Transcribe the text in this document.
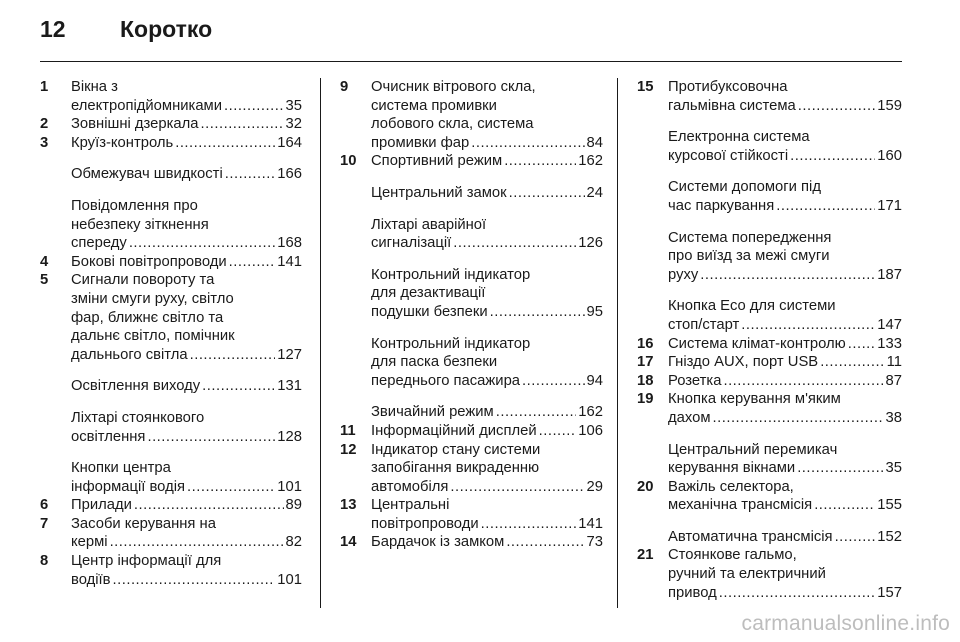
12	Коротко
1	Вікна з
електропідйомниками .....	35
2	Зовнішні дзеркала .....	32
3	Круїз-контроль .....	164
Обмежувач швидкості .....	166
Повідомлення про
небезпеку зіткнення
спереду .....	168
4	Бокові повітропроводи .....	141
5	Сигнали повороту та
зміни смуги руху, світло
фар, ближнє світло та
дальнє світло, помічник
дальнього світла .....	127
Освітлення виходу .....	131
Ліхтарі стоянкового
освітлення .....	128
Кнопки центра
інформації водія .....	101
6	Прилади .....	89
7	Засоби керування на
кермі .....	82
8	Центр інформації для
водіїв .....	101
9	Очисник вітрового скла,
система промивки
лобового скла, система
промивки фар .....	84
10 Спортивний режим .....	162
Центральний замок .....	24
Ліхтарі аварійної
сигналізації .....	126
Контрольний індикатор
для дезактивації
подушки безпеки .....	95
Контрольний індикатор
для паска безпеки
переднього пасажира .....	94
Звичайний режим .....	162
11	Інформаційний дисплей .....	106
12 Індикатор стану системи
запобігання викраденню
автомобіля .....	29
13 Центральні
повітропроводи .....	141
14 Бардачок із замком .....	73
15 Протибуксовочна
гальмівна система .....	159
Електронна система
курсової стійкості .....	160
Системи допомоги під
час паркування .....	171
Система попередження
про виїзд за межі смуги
руху .....	187
Кнопка Eco для системи
стоп/старт .....	147
16 Система клімат-контролю ..... 133
17 Гніздо AUX, порт USB .....	11
18 Розетка .....	87
19 Кнопка керування м'яким
дахом .....	38
Центральний перемикач
керування вікнами .....	35
20 Важіль селектора,
механічна трансмісія .....	155
Автоматична трансмісія .....	152
21 Стоянкове гальмо,
ручний та електричний
привод .....	157
carmanualsonline.info
